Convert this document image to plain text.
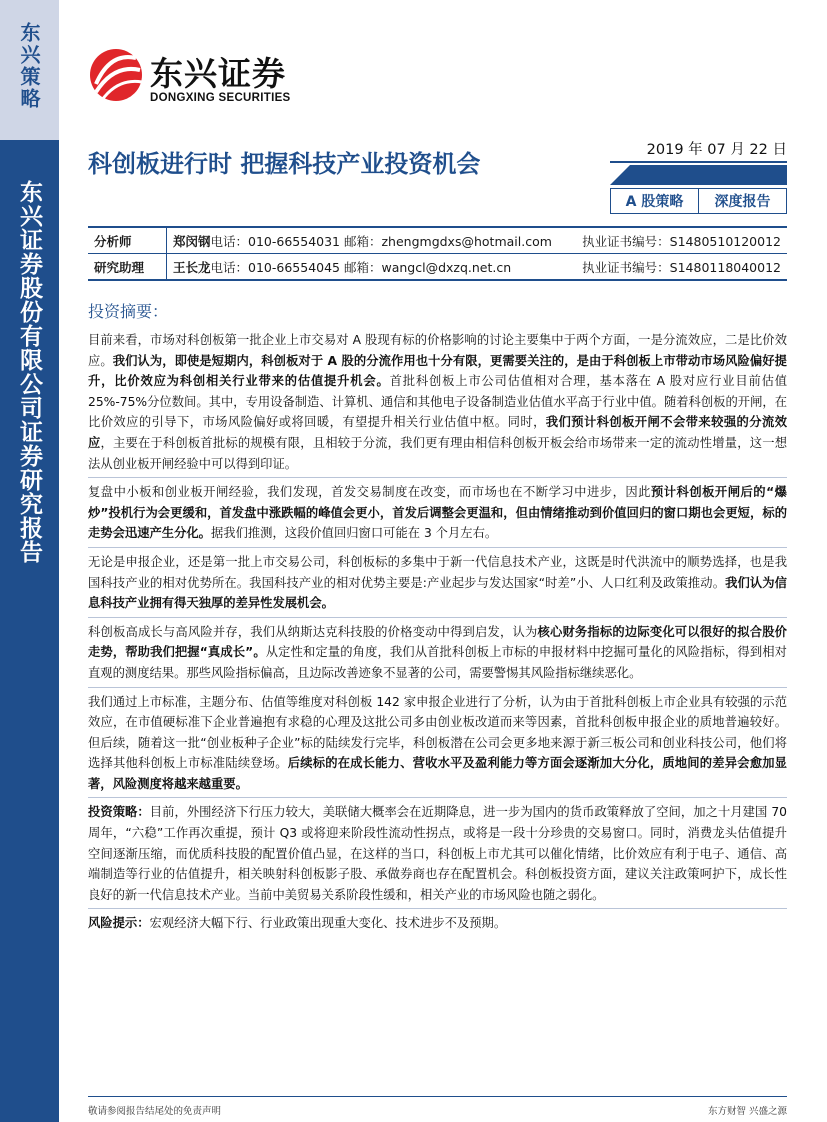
东兴策略
东兴证券股份有限公司证券研究报告
东兴证券
DONGXING SECURITIES
2019 年 07 月 22 日
A 股策略	深度报告
科创板进行时 把握科技产业投资机会
分析师	郑闵钢 电话：010-66554031 邮箱：zhengmgdxs@hotmail.com	执业证书编号：S1480510120012
研究助理	王长龙 电话：010-66554045 邮箱：wangcl@dxzq.net.cn	执业证书编号：S1480118040012
投资摘要：
目前来看，市场对科创板第一批企业上市交易对 A 股现有标的价格影响的讨论主要集中于两个方面，一是分流效应，二是比价效应。我们认为，即使是短期内，科创板对于 A 股的分流作用也十分有限，更需要关注的，是由于科创板上市带动市场风险偏好提升，比价效应为科创相关行业带来的估值提升机会。首批科创板上市公司估值相对合理，基本落在 A 股对应行业目前估值 25%-75%分位数间。其中，专用设备制造、计算机、通信和其他电子设备制造业估值水平高于行业中值。随着科创板的开闸，在比价效应的引导下，市场风险偏好或将回暖，有望提升相关行业估值中枢。同时，我们预计科创板开闸不会带来较强的分流效应，主要在于科创板首批标的规模有限，且相较于分流，我们更有理由相信科创板开板会给市场带来一定的流动性增量，这一想法从创业板开闸经验中可以得到印证。
复盘中小板和创业板开闸经验，我们发现，首发交易制度在改变，而市场也在不断学习中进步，因此预计科创板开闸后的“爆炒”投机行为会更缓和，首发盘中涨跌幅的峰值会更小，首发后调整会更温和，但由情绪推动到价值回归的窗口期也会更短，标的走势会迅速产生分化。据我们推测，这段价值回归窗口可能在 3 个月左右。
无论是申报企业，还是第一批上市交易公司，科创板标的多集中于新一代信息技术产业，这既是时代洪流中的顺势选择，也是我国科技产业的相对优势所在。我国科技产业的相对优势主要是:产业起步与发达国家“时差”小、人口红利及政策推动。我们认为信息科技产业拥有得天独厚的差异性发展机会。
科创板高成长与高风险并存，我们从纳斯达克科技股的价格变动中得到启发，认为核心财务指标的边际变化可以很好的拟合股价走势，帮助我们把握“真成长”。从定性和定量的角度，我们从首批科创板上市标的申报材料中挖掘可量化的风险指标，得到相对直观的测度结果。那些风险指标偏高，且边际改善迹象不显著的公司，需要警惕其风险指标继续恶化。
我们通过上市标准，主题分布、估值等维度对科创板 142 家申报企业进行了分析，认为由于首批科创板上市企业具有较强的示范效应，在市值硬标准下企业普遍抱有求稳的心理及这批公司多由创业板改道而来等因素，首批科创板申报企业的质地普遍较好。但后续，随着这一批“创业板种子企业”标的陆续发行完毕，科创板潜在公司会更多地来源于新三板公司和创业科技公司，他们将选择其他科创板上市标准陆续登场。后续标的在成长能力、营收水平及盈利能力等方面会逐渐加大分化，质地间的差异会愈加显著，风险测度将越来越重要。
投资策略：目前，外围经济下行压力较大，美联储大概率会在近期降息，进一步为国内的货币政策释放了空间，加之十月建国 70 周年，“六稳”工作再次重提，预计 Q3 或将迎来阶段性流动性拐点，或将是一段十分珍贵的交易窗口。同时，消费龙头估值提升空间逐渐压缩，而优质科技股的配置价值凸显，在这样的当口，科创板上市尤其可以催化情绪，比价效应有利于电子、通信、高端制造等行业的估值提升，相关映射科创板影子股、承做券商也存在配置机会。科创板投资方面，建议关注政策呵护下，成长性良好的新一代信息技术产业。当前中美贸易关系阶段性缓和，相关产业的市场风险也随之弱化。
风险提示：宏观经济大幅下行、行业政策出现重大变化、技术进步不及预期。
敬请参阅报告结尾处的免责声明	东方财智 兴盛之源
